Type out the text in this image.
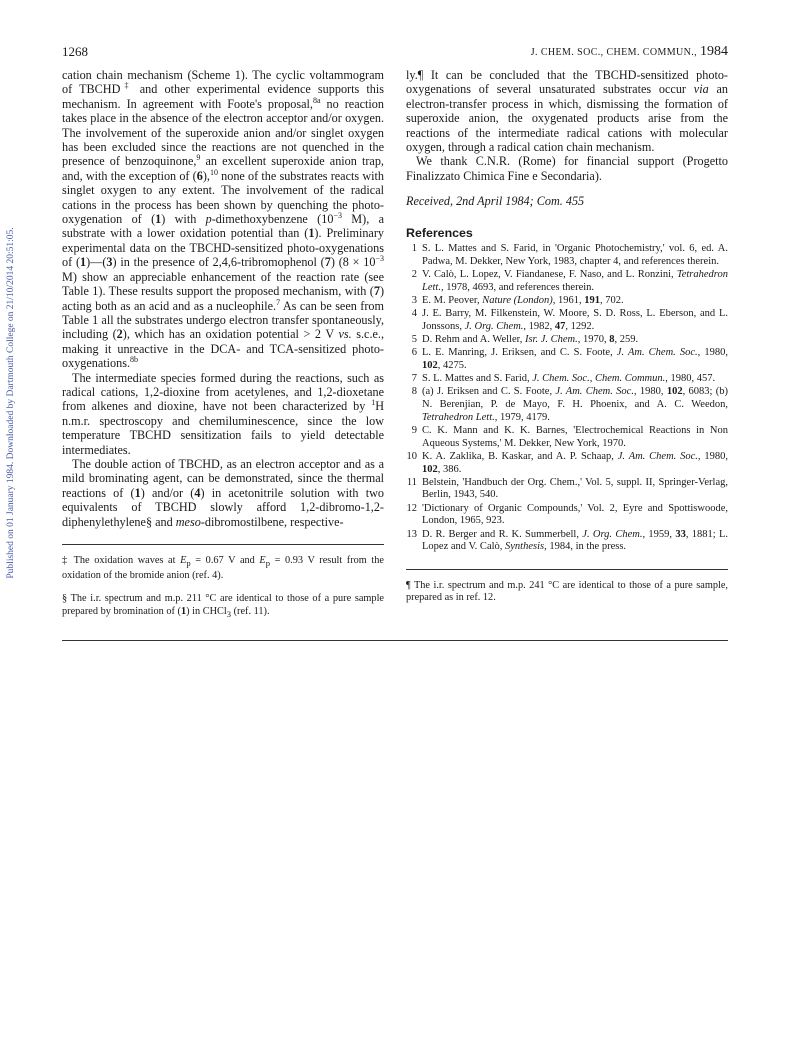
Published on 01 January 1984. Downloaded by Dartmouth College on 21/10/2014 20:51:05.
1268	J. CHEM. SOC., CHEM. COMMUN., 1984

cation chain mechanism (Scheme 1). The cyclic voltammogram of TBCHD‡ and other experimental evidence supports this mechanism. In agreement with Foote's proposal,$^{8a}$ no reaction takes place in the absence of the electron acceptor and/or oxygen. The involvement of the superoxide anion and/or singlet oxygen has been excluded since the reactions are not quenched in the presence of benzoquinone,$^9$ an excellent superoxide anion trap, and, with the exception of (6),$^{10}$ none of the substrates reacts with singlet oxygen to any extent. The involvement of the radical cations in the process has been shown by quenching the photo-oxygenation of (1) with p-dimethoxybenzene ($10^{-3}$ M), a substrate with a lower oxidation potential than (1). Preliminary experimental data on the TBCHD-sensitized photo-oxygenations of (1)—(3) in the presence of 2,4,6-tribromophenol (7) ($8 \times 10^{-3}$ M) show an appreciable enhancement of the reaction rate (see Table 1). These results support the proposed mechanism, with (7) acting both as an acid and as a nucleophile.$^7$ As can be seen from Table 1 all the substrates undergo electron transfer spontaneously, including (2), which has an oxidation potential > 2 V vs. s.c.e., making it unreactive in the DCA- and TCA-sensitized photo-oxygenations.$^{8b}$

The intermediate species formed during the reactions, such as radical cations, 1,2-dioxine from acetylenes, and 1,2-dioxetane from alkenes and dioxine, have not been characterized by $^1$H n.m.r. spectroscopy and chemiluminescence, since the low temperature TBCHD sensitization fails to yield detectable intermediates.

The double action of TBCHD, as an electron acceptor and as a mild brominating agent, can be demonstrated, since the thermal reactions of (1) and/or (4) in acetonitrile solution with two equivalents of TBCHD slowly afford 1,2-dibromo-1,2-diphenylethylene§ and meso-dibromostilbene, respective-

‡ The oxidation waves at $E_p = 0.67$ V and $E_p = 0.93$ V result from the oxidation of the bromide anion (ref. 4).
§ The i.r. spectrum and m.p. 211 °C are identical to those of a pure sample prepared by bromination of (1) in CHCl$_3$ (ref. 11).

ly.¶ It can be concluded that the TBCHD-sensitized photo-oxygenations of several unsaturated substrates occur via an electron-transfer process in which, dismissing the formation of superoxide anion, the oxygenated products arise from the reactions of the intermediate radical cations with molecular oxygen, through a radical cation chain mechanism.

We thank C.N.R. (Rome) for financial support (Progetto Finalizzato Chimica Fine e Secondaria).

Received, 2nd April 1984; Com. 455

References
1 S. L. Mattes and S. Farid, in 'Organic Photochemistry,' vol. 6, ed. A. Padwa, M. Dekker, New York, 1983, chapter 4, and references therein.
2 V. Calò, L. Lopez, V. Fiandanese, F. Naso, and L. Ronzini, Tetrahedron Lett., 1978, 4693, and references therein.
3 E. M. Peover, Nature (London), 1961, 191, 702.
4 J. E. Barry, M. Filkenstein, W. Moore, S. D. Ross, L. Eberson, and L. Jonssons, J. Org. Chem., 1982, 47, 1292.
5 D. Rehm and A. Weller, Isr. J. Chem., 1970, 8, 259.
6 L. E. Manring, J. Eriksen, and C. S. Foote, J. Am. Chem. Soc., 1980, 102, 4275.
7 S. L. Mattes and S. Farid, J. Chem. Soc., Chem. Commun., 1980, 457.
8 (a) J. Eriksen and C. S. Foote, J. Am. Chem. Soc., 1980, 102, 6083; (b) N. Berenjian, P. de Mayo, F. H. Phoenix, and A. C. Weedon, Tetrahedron Lett., 1979, 4179.
9 C. K. Mann and K. K. Barnes, 'Electrochemical Reactions in Non Aqueous Systems,' M. Dekker, New York, 1970.
10 K. A. Zaklika, B. Kaskar, and A. P. Schaap, J. Am. Chem. Soc., 1980, 102, 386.
11 Belstein, 'Handbuch der Org. Chem.,' Vol. 5, suppl. II, Springer-Verlag, Berlin, 1943, 540.
12 'Dictionary of Organic Compounds,' Vol. 2, Eyre and Spottiswoode, London, 1965, 923.
13 D. R. Berger and R. K. Summerbell, J. Org. Chem., 1959, 33, 1881; L. Lopez and V. Calò, Synthesis, 1984, in the press.
¶ The i.r. spectrum and m.p. 241 °C are identical to those of a pure sample, prepared as in ref. 12.
